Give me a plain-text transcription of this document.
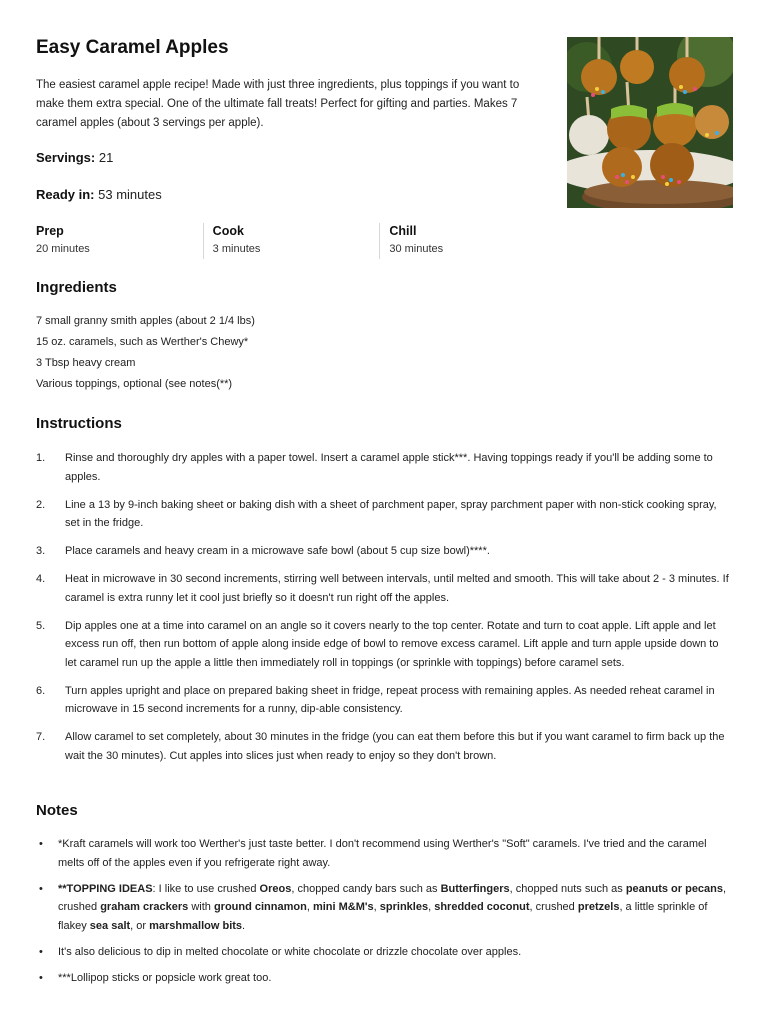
Easy Caramel Apples

The easiest caramel apple recipe! Made with just three ingredients, plus toppings if you want to make them extra special. One of the ultimate fall treats! Perfect for gifting and parties. Makes 7 caramel apples (about 3 servings per apple).

Servings: 21
Ready in: 53 minutes
Prep
20 minutes
Cook
3 minutes
Chill
30 minutes
Ingredients
7 small granny smith apples (about 2 1/4 lbs)
15 oz. caramels, such as Werther's Chewy*
3 Tbsp heavy cream
Various toppings, optional (see notes(**)
Instructions
1. Rinse and thoroughly dry apples with a paper towel. Insert a caramel apple stick***. Having toppings ready if you'll be adding some to apples.
2. Line a 13 by 9-inch baking sheet or baking dish with a sheet of parchment paper, spray parchment paper with non-stick cooking spray, set in the fridge.
3. Place caramels and heavy cream in a microwave safe bowl (about 5 cup size bowl)****.
4. Heat in microwave in 30 second increments, stirring well between intervals, until melted and smooth. This will take about 2 - 3 minutes. If caramel is extra runny let it cool just briefly so it doesn't run right off the apples.
5. Dip apples one at a time into caramel on an angle so it covers nearly to the top center. Rotate and turn to coat apple. Lift apple and let excess run off, then run bottom of apple along inside edge of bowl to remove excess caramel. Lift apple and turn apple upside down to let caramel run up the apple a little then immediately roll in toppings (or sprinkle with toppings) before caramel sets.
6. Turn apples upright and place on prepared baking sheet in fridge, repeat process with remaining apples. As needed reheat caramel in microwave in 15 second increments for a runny, dip-able consistency.
7. Allow caramel to set completely, about 30 minutes in the fridge (you can eat them before this but if you want caramel to firm back up the wait the 30 minutes). Cut apples into slices just when ready to enjoy so they don't brown.
Notes
• *Kraft caramels will work too Werther's just taste better. I don't recommend using Werther's "Soft" caramels. I've tried and the caramel melts off of the apples even if you refrigerate right away.
• **TOPPING IDEAS: I like to use crushed Oreos, chopped candy bars such as Butterfingers, chopped nuts such as peanuts or pecans, crushed graham crackers with ground cinnamon, mini M&M's, sprinkles, shredded coconut, crushed pretzels, a little sprinkle of flakey sea salt, or marshmallow bits.
• It's also delicious to dip in melted chocolate or white chocolate or drizzle chocolate over apples.
• ***Lollipop sticks or popsicle work great too.
